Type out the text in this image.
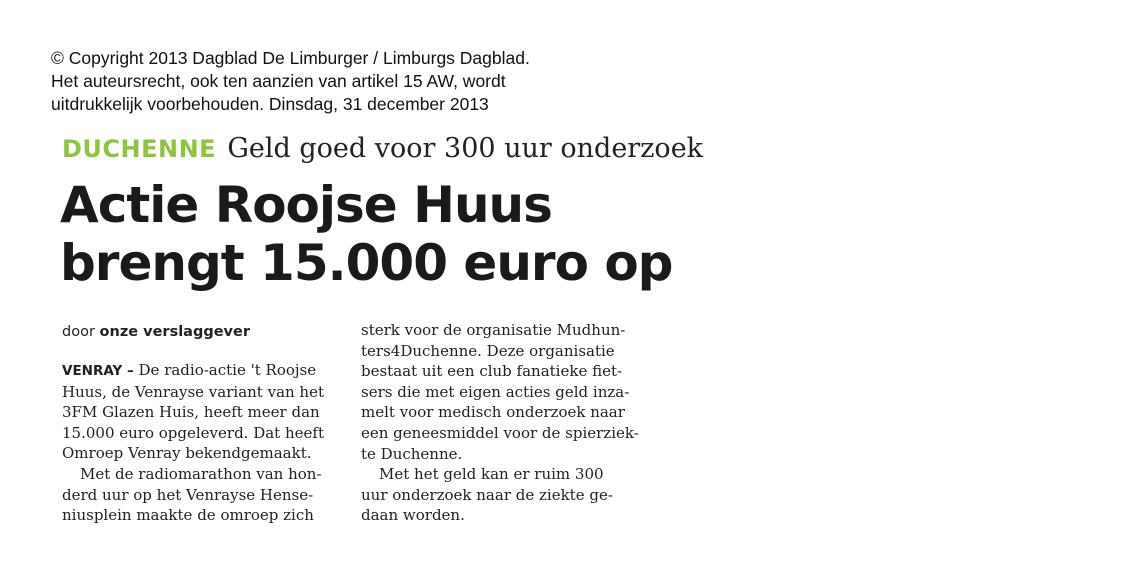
© Copyright 2013 Dagblad De Limburger / Limburgs Dagblad.
Het auteursrecht, ook ten aanzien van artikel 15 AW, wordt
uitdrukkelijk voorbehouden. Dinsdag, 31 december 2013
DUCHENNE Geld goed voor 300 uur onderzoek
Actie Roojse Huus
brengt 15.000 euro op
door onze verslaggever
VENRAY – De radio-actie 't Roojse
Huus, de Venrayse variant van het
3FM Glazen Huis, heeft meer dan
15.000 euro opgeleverd. Dat heeft
Omroep Venray bekendgemaakt.
Met de radiomarathon van hon-
derd uur op het Venrayse Hense-
niusplein maakte de omroep zich
sterk voor de organisatie Mudhun-
ters4Duchenne. Deze organisatie
bestaat uit een club fanatieke fiet-
sers die met eigen acties geld inza-
melt voor medisch onderzoek naar
een geneesmiddel voor de spierziek-
te Duchenne.
Met het geld kan er ruim 300
uur onderzoek naar de ziekte ge-
daan worden.
